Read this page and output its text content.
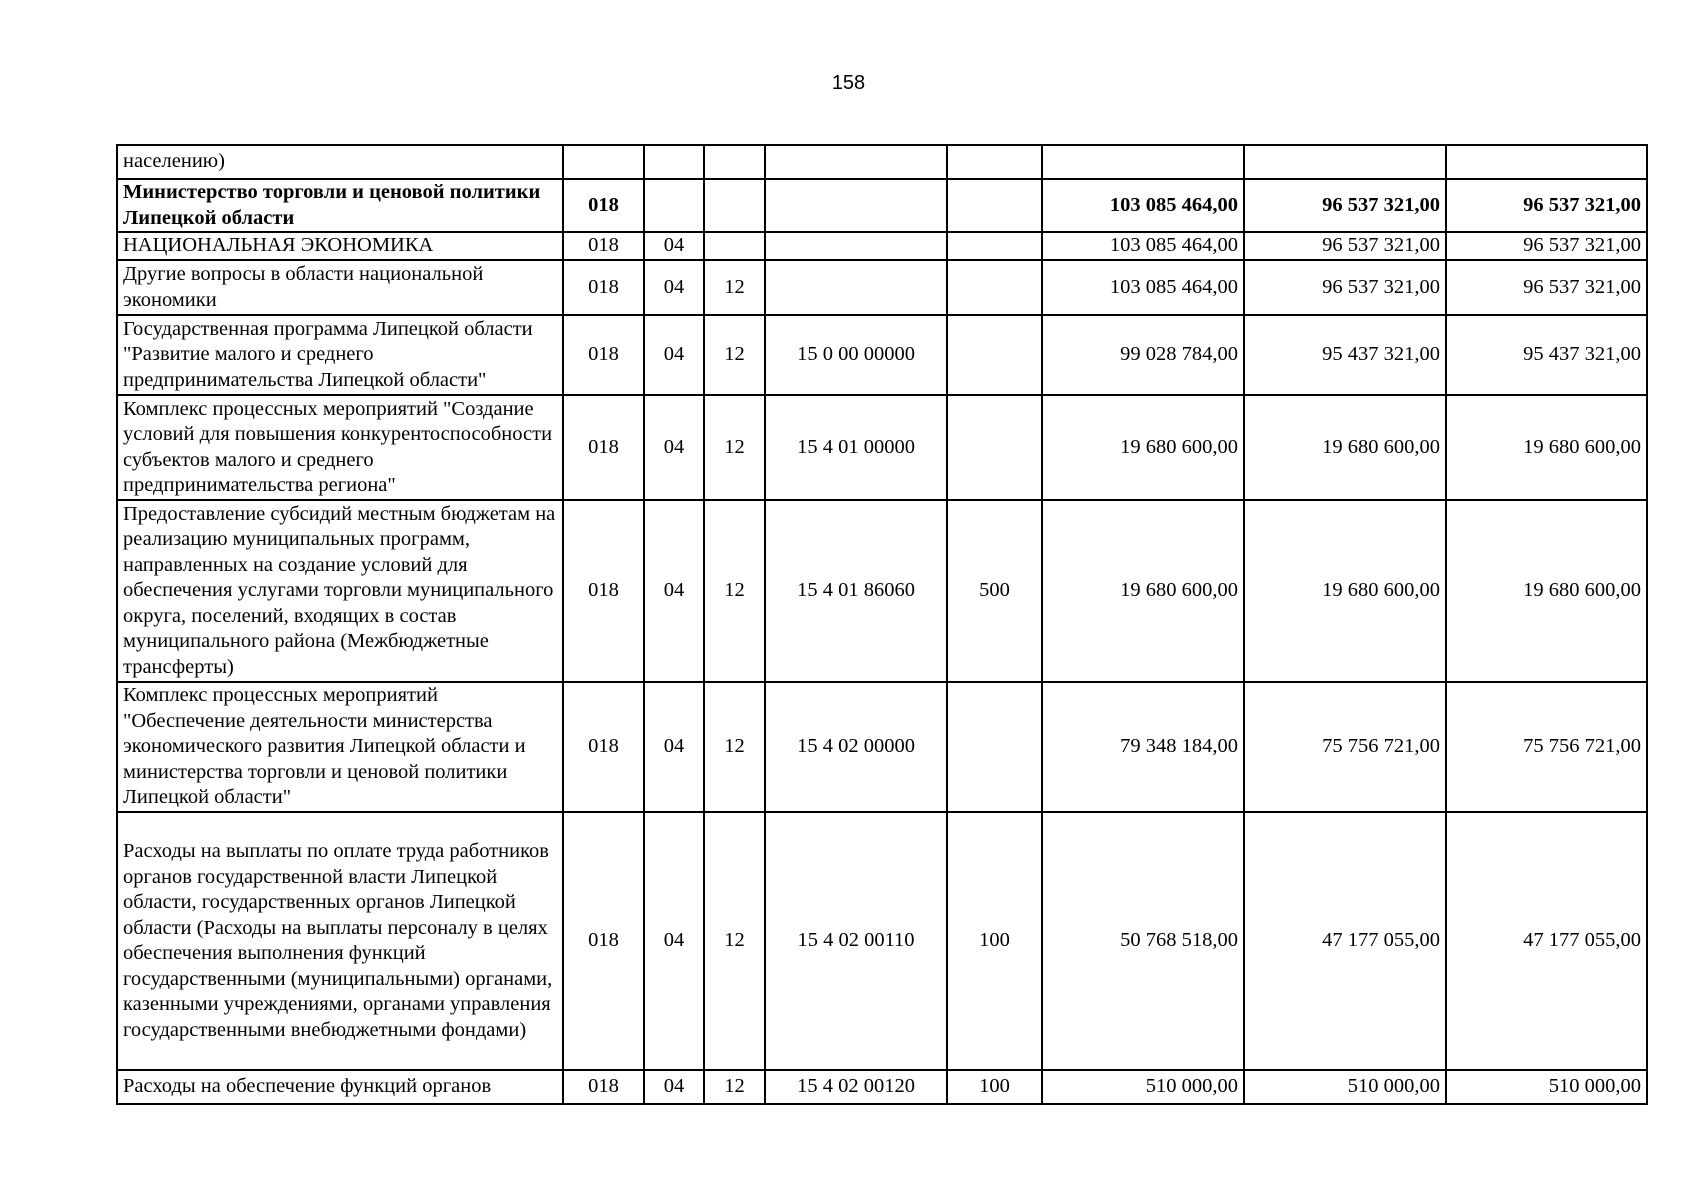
158
населению)								
Министерство торговли и ценовой политики Липецкой области	018					103 085 464,00	96 537 321,00	96 537 321,00
НАЦИОНАЛЬНАЯ ЭКОНОМИКА	018	04				103 085 464,00	96 537 321,00	96 537 321,00
Другие вопросы в области национальной экономики	018	04	12			103 085 464,00	96 537 321,00	96 537 321,00
Государственная программа Липецкой области "Развитие малого и среднего предпринимательства Липецкой области"	018	04	12	15 0 00 00000		99 028 784,00	95 437 321,00	95 437 321,00
Комплекс процессных мероприятий "Создание условий для повышения конкурентоспособности субъектов малого и среднего предпринимательства региона"	018	04	12	15 4 01 00000		19 680 600,00	19 680 600,00	19 680 600,00
Предоставление субсидий местным бюджетам на реализацию муниципальных программ, направленных на создание условий для обеспечения услугами торговли муниципального округа, поселений, входящих в состав муниципального района (Межбюджетные трансферты)	018	04	12	15 4 01 86060	500	19 680 600,00	19 680 600,00	19 680 600,00
Комплекс процессных мероприятий "Обеспечение деятельности министерства экономического развития Липецкой области и министерства торговли и ценовой политики Липецкой области"	018	04	12	15 4 02 00000		79 348 184,00	75 756 721,00	75 756 721,00
Расходы на выплаты по оплате труда работников органов государственной власти Липецкой области, государственных органов Липецкой области (Расходы на выплаты персоналу в целях обеспечения выполнения функций государственными (муниципальными) органами, казенными учреждениями, органами управления государственными внебюджетными фондами)	018	04	12	15 4 02 00110	100	50 768 518,00	47 177 055,00	47 177 055,00
Расходы на обеспечение функций органов	018	04	12	15 4 02 00120	100	510 000,00	510 000,00	510 000,00
